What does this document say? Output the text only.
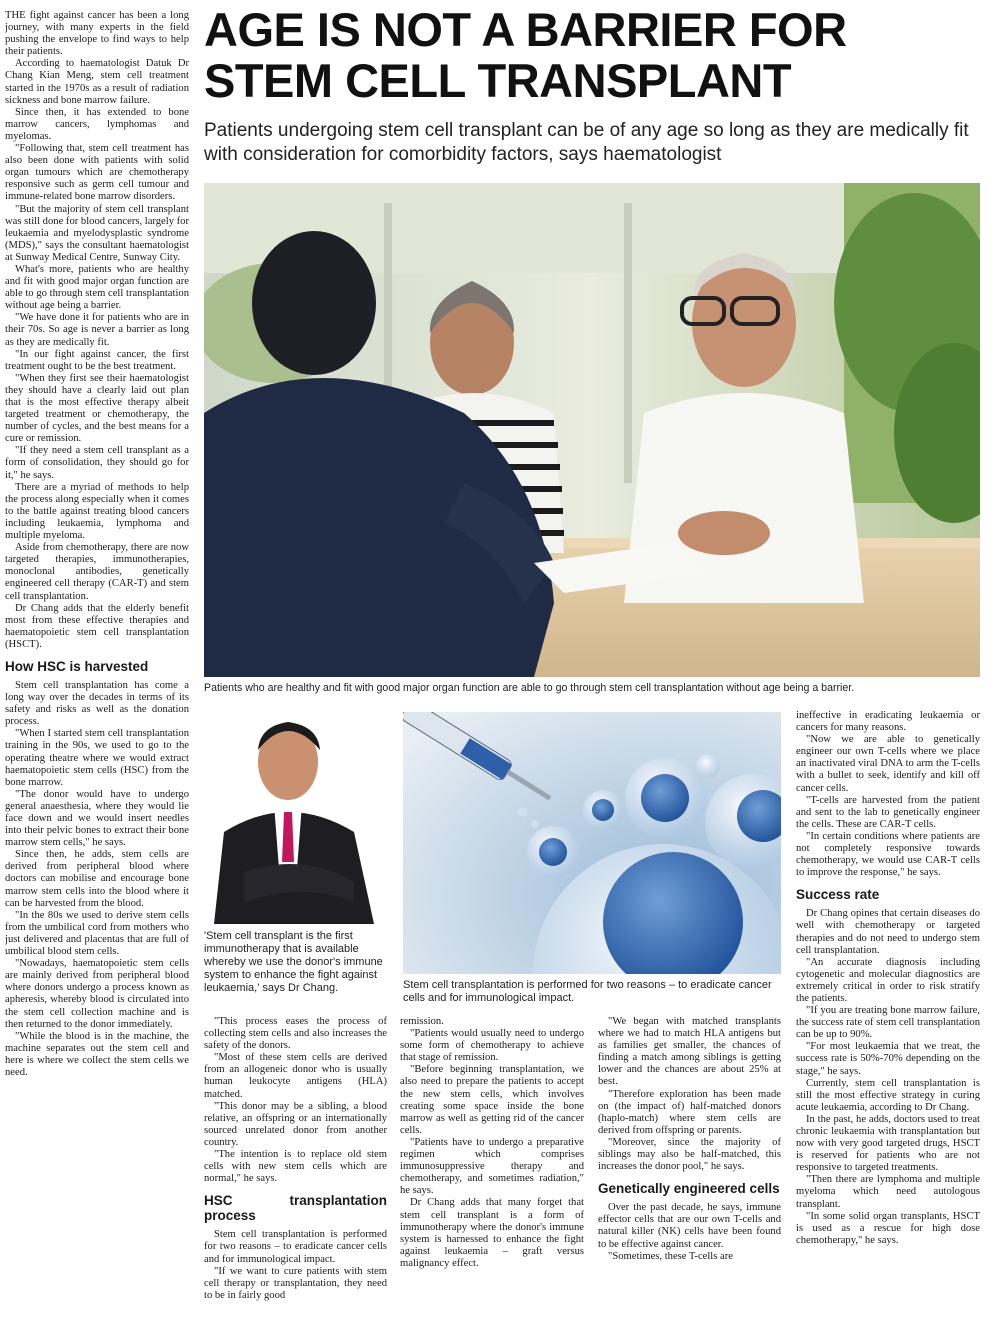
AGE IS NOT A BARRIER FOR STEM CELL TRANSPLANT

Patients undergoing stem cell transplant can be of any age so long as they are medically fit with consideration for comorbidity factors, says haematologist

Patients who are healthy and fit with good major organ function are able to go through stem cell transplantation without age being a barrier.
'Stem cell transplant is the first immunotherapy that is available whereby we use the donor's immune system to enhance the fight against leukaemia,' says Dr Chang.	Stem cell transplantation is performed for two reasons – to eradicate cancer cells and for immunological impact.

THE fight against cancer has been a long journey, with many experts in the field pushing the envelope to find ways to help their patients.

According to haematologist Datuk Dr Chang Kian Meng, stem cell treatment started in the 1970s as a result of radiation sickness and bone marrow failure.

Since then, it has extended to bone marrow cancers, lymphomas and myelomas.

"Following that, stem cell treatment has also been done with patients with solid organ tumours which are chemotherapy responsive such as germ cell tumour and immune-related bone marrow disorders.

"But the majority of stem cell transplant was still done for blood cancers, largely for leukaemia and myelodysplastic syndrome (MDS)," says the consultant haematologist at Sunway Medical Centre, Sunway City.

What's more, patients who are healthy and fit with good major organ function are able to go through stem cell transplantation without age being a barrier.

"We have done it for patients who are in their 70s. So age is never a barrier as long as they are medically fit.

"In our fight against cancer, the first treatment ought to be the best treatment.

"When they first see their haematologist they should have a clearly laid out plan that is the most effective therapy albeit targeted treatment or chemotherapy, the number of cycles, and the best means for a cure or remission.

"If they need a stem cell transplant as a form of consolidation, they should go for it," he says.

There are a myriad of methods to help the process along especially when it comes to the battle against treating blood cancers including leukaemia, lymphoma and multiple myeloma.

Aside from chemotherapy, there are now targeted therapies, immunotherapies, monoclonal antibodies, genetically engineered cell therapy (CAR-T) and stem cell transplantation.

Dr Chang adds that the elderly benefit most from these effective therapies and haematopoietic stem cell transplantation (HSCT).

How HSC is harvested

Stem cell transplantation has come a long way over the decades in terms of its safety and risks as well as the donation process.

"When I started stem cell transplantation training in the 90s, we used to go to the operating theatre where we would extract haematopoietic stem cells (HSC) from the bone marrow.

"The donor would have to undergo general anaesthesia, where they would lie face down and we would insert needles into their pelvic bones to extract their bone marrow stem cells," he says.

Since then, he adds, stem cells are derived from peripheral blood where doctors can mobilise and encourage bone marrow stem cells into the blood where it can be harvested from the blood.

"In the 80s we used to derive stem cells from the umbilical cord from mothers who just delivered and placentas that are full of umbilical blood stem cells.

"Nowadays, haematopoietic stem cells are mainly derived from peripheral blood where donors undergo a process known as apheresis, whereby blood is circulated into the stem cell collection machine and is then returned to the donor immediately.

"While the blood is in the machine, the machine separates out the stem cell and here is where we collect the stem cells we need.

"This process eases the process of collecting stem cells and also increases the safety of the donors.

"Most of these stem cells are derived from an allogeneic donor who is usually human leukocyte antigens (HLA) matched.

"This donor may be a sibling, a blood relative, an offspring or an internationally sourced unrelated donor from another country.

"The intention is to replace old stem cells with new stem cells which are normal," he says.

HSC transplantation process

Stem cell transplantation is performed for two reasons – to eradicate cancer cells and for immunological impact.

"If we want to cure patients with stem cell therapy or transplantation, they need to be in fairly good

remission.

"Patients would usually need to undergo some form of chemotherapy to achieve that stage of remission.

"Before beginning transplantation, we also need to prepare the patients to accept the new stem cells, which involves creating some space inside the bone marrow as well as getting rid of the cancer cells.

"Patients have to undergo a preparative regimen which comprises immunosuppressive therapy and chemotherapy, and sometimes radiation," he says.

Dr Chang adds that many forget that stem cell transplant is a form of immunotherapy where the donor's immune system is harnessed to enhance the fight against leukaemia – graft versus malignancy effect.

"We began with matched transplants where we had to match HLA antigens but as families get smaller, the chances of finding a match among siblings is getting lower and the chances are about 25% at best.

"Therefore exploration has been made on (the impact of) half-matched donors (haplo-match) where stem cells are derived from offspring or parents.

"Moreover, since the majority of siblings may also be half-matched, this increases the donor pool," he says.

Genetically engineered cells

Over the past decade, he says, immune effector cells that are our own T-cells and natural killer (NK) cells have been found to be effective against cancer.

"Sometimes, these T-cells are

ineffective in eradicating leukaemia or cancers for many reasons.

"Now we are able to genetically engineer our own T-cells where we place an inactivated viral DNA to arm the T-cells with a bullet to seek, identify and kill off cancer cells.

"T-cells are harvested from the patient and sent to the lab to genetically engineer the cells. These are CAR-T cells.

"In certain conditions where patients are not completely responsive towards chemotherapy, we would use CAR-T cells to improve the response," he says.

Success rate

Dr Chang opines that certain diseases do well with chemotherapy or targeted therapies and do not need to undergo stem cell transplantation.

"An accurate diagnosis including cytogenetic and molecular diagnostics are extremely critical in order to risk stratify the patients.

"If you are treating bone marrow failure, the success rate of stem cell transplantation can be up to 90%.

"For most leukaemia that we treat, the success rate is 50%-70% depending on the stage," he says.

Currently, stem cell transplantation is still the most effective strategy in curing acute leukaemia, according to Dr Chang.

In the past, he adds, doctors used to treat chronic leukaemia with transplantation but now with very good targeted drugs, HSCT is reserved for patients who are not responsive to targeted treatments.

"Then there are lymphoma and multiple myeloma which need autologous transplant.

"In some solid organ transplants, HSCT is used as a rescue for high dose chemotherapy," he says.
